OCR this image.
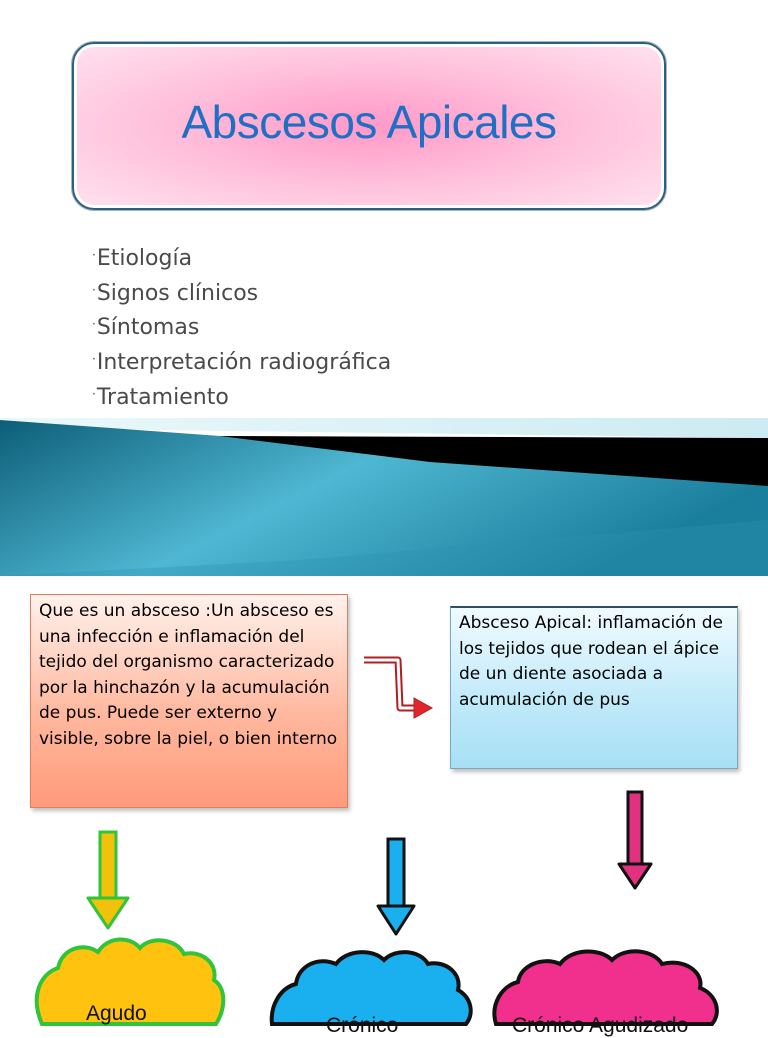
Abscesos Apicales
·Etiología
·Signos clínicos
·Síntomas
·Interpretación radiográfica
·Tratamiento
Que es un absceso :Un absceso es una infección e inflamación del tejido del organismo caracterizado por la hinchazón y la acumulación de pus. Puede ser externo y visible, sobre la piel, o bien interno
Absceso Apical: inflamación de los tejidos que rodean el ápice de un diente asociada a acumulación de pus
Agudo
Crónico	Crónico Agudizado
